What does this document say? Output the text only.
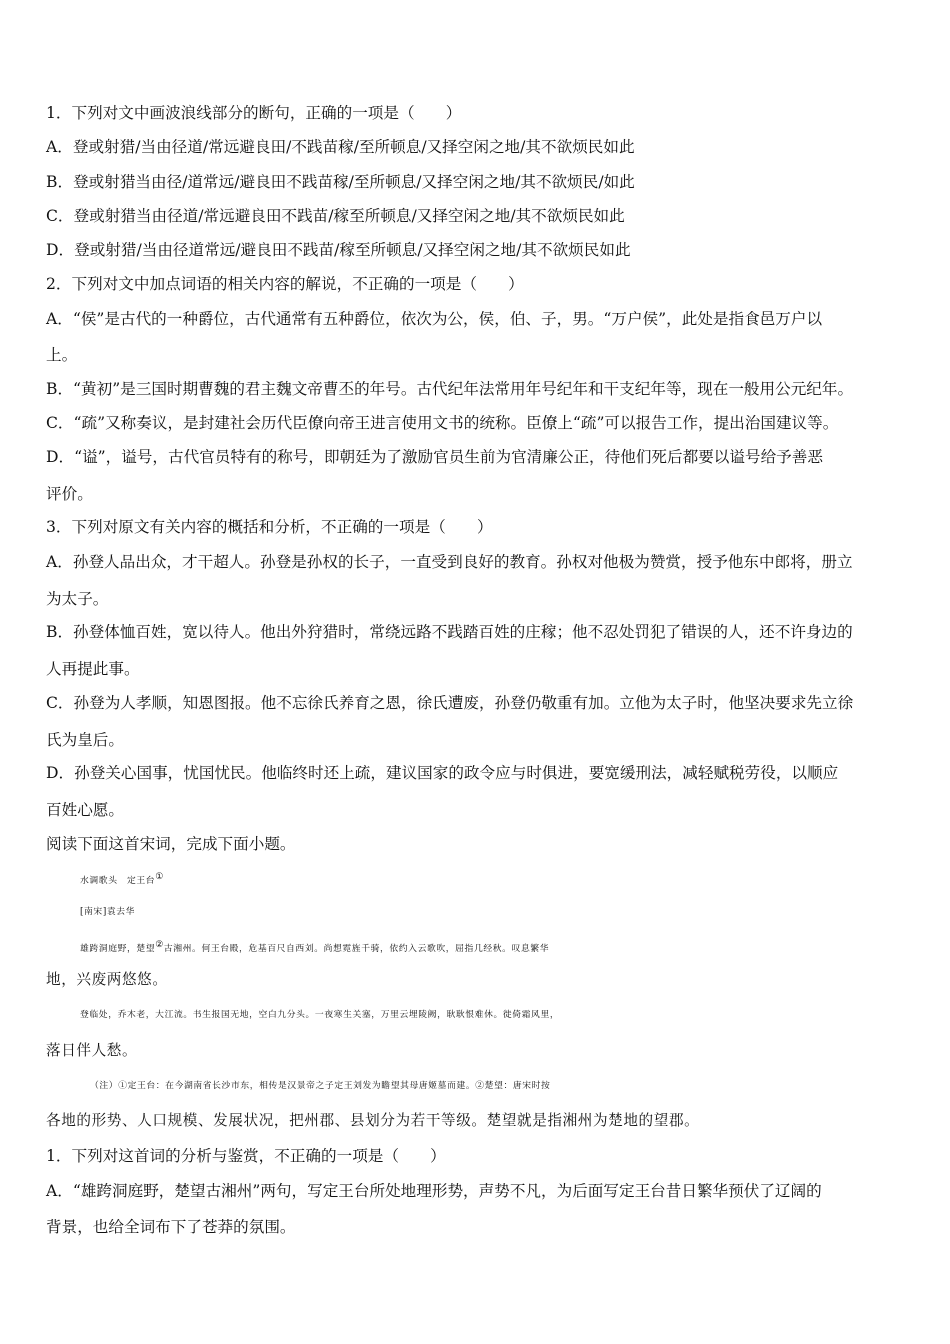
1．下列对文中画波浪线部分的断句，正确的一项是（　　）
A．登或射猎/当由径道/常远避良田/不践苗稼/至所顿息/又择空闲之地/其不欲烦民如此
B．登或射猎当由径/道常远/避良田不践苗稼/至所顿息/又择空闲之地/其不欲烦民/如此
C．登或射猎当由径道/常远避良田不践苗/稼至所顿息/又择空闲之地/其不欲烦民如此
D．登或射猎/当由径道常远/避良田不践苗/稼至所顿息/又择空闲之地/其不欲烦民如此
2．下列对文中加点词语的相关内容的解说，不正确的一项是（　　）
A．“侯”是古代的一种爵位，古代通常有五种爵位，依次为公，侯，伯、子，男。“万户侯”，此处是指食邑万户以
上。
B．“黄初”是三国时期曹魏的君主魏文帝曹丕的年号。古代纪年法常用年号纪年和干支纪年等，现在一般用公元纪年。
C．“疏”又称奏议，是封建社会历代臣僚向帝王进言使用文书的统称。臣僚上“疏”可以报告工作，提出治国建议等。
D．“谥”，谥号，古代官员特有的称号，即朝廷为了激励官员生前为官清廉公正，待他们死后都要以谥号给予善恶
评价。
3．下列对原文有关内容的概括和分析，不正确的一项是（　　）
A．孙登人品出众，才干超人。孙登是孙权的长子，一直受到良好的教育。孙权对他极为赞赏，授予他东中郎将，册立
为太子。
B．孙登体恤百姓，宽以待人。他出外狩猎时，常绕远路不践踏百姓的庄稼；他不忍处罚犯了错误的人，还不许身边的
人再提此事。
C．孙登为人孝顺，知恩图报。他不忘徐氏养育之恩，徐氏遭废，孙登仍敬重有加。立他为太子时，他坚决要求先立徐
氏为皇后。
D．孙登关心国事，忧国忧民。他临终时还上疏，建议国家的政令应与时俱进，要宽缓刑法，减轻赋税劳役，以顺应
百姓心愿。
阅读下面这首宋词，完成下面小题。
水调歌头　定王台①
[南宋]袁去华
雄跨洞庭野，楚望②古湘州。何王台殿，危基百尺自西刘。尚想霓旌千骑，依约入云歌吹，屈指几经秋。叹息繁华
地，兴废两悠悠。
登临处，乔木老，大江流。书生报国无地，空白九分头。一夜寒生关塞，万里云埋陵阙，耿耿恨难休。徙倚霜风里，
落日伴人愁。
（注）①定王台：在今湖南省长沙市东，相传是汉景帝之子定王刘发为瞻望其母唐姬墓而建。②楚望：唐宋时按
各地的形势、人口规模、发展状况，把州郡、县划分为若干等级。楚望就是指湘州为楚地的望郡。
1．下列对这首词的分析与鉴赏，不正确的一项是（　　）
A．“雄跨洞庭野，楚望古湘州”两句，写定王台所处地理形势，声势不凡，为后面写定王台昔日繁华预伏了辽阔的
背景，也给全词布下了苍莽的氛围。
